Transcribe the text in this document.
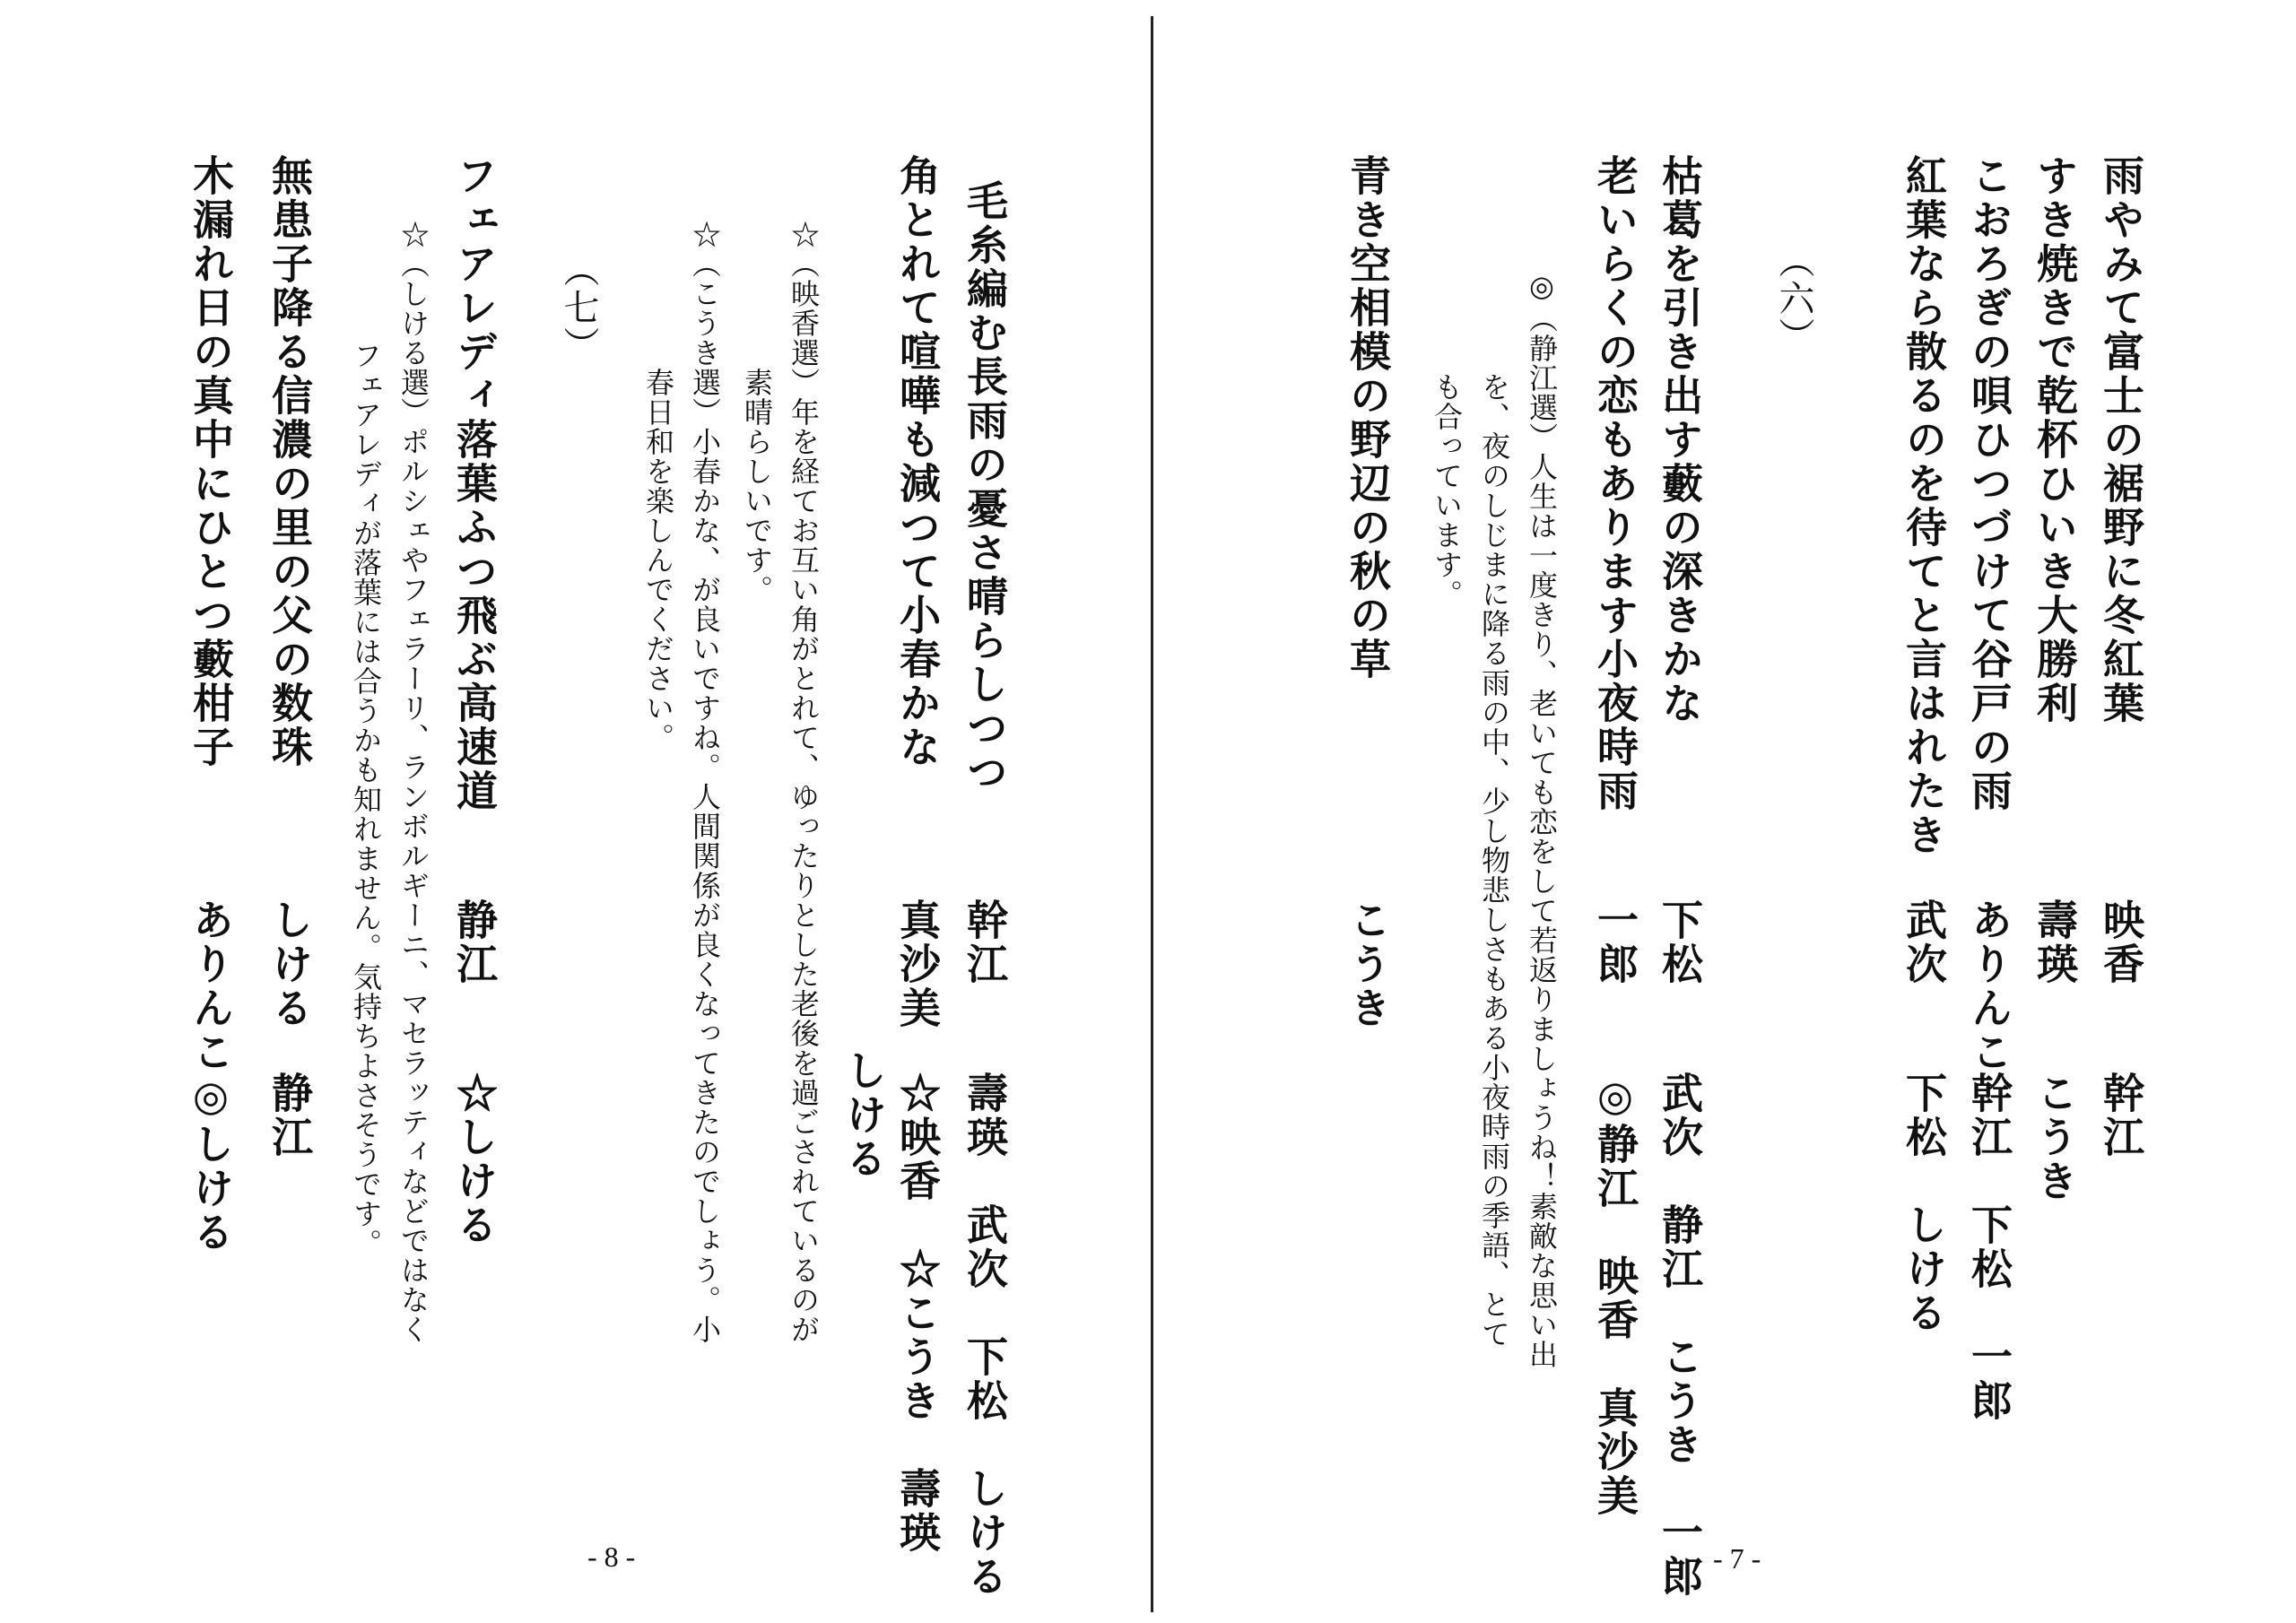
雨やみて富士の裾野に冬紅葉
映香
幹江
すき焼きで乾杯ひいき大勝利
壽瑛
こうき
こおろぎの唄ひつづけて谷戸の雨
ありんこ
幹江　下松　一郎
紅葉なら散るのを待てと言はれたき
武次
下松　しける
（六）
枯葛を引き出す藪の深きかな
下松
武次　静江　こうき　一郎
老いらくの恋もあります小夜時雨
一郎
◎静江　映香　真沙美
◎（静江選）人生は一度きり、老いても恋をして若返りましょうね！素敵な思い出
を、夜のしじまに降る雨の中、少し物悲しさもある小夜時雨の季語、とて
も合っています。
青き空相模の野辺の秋の草
こうき
- 7 -
毛糸編む長雨の憂さ晴らしつつ
幹江
壽瑛　武次　下松　しける
角とれて喧嘩も減つて小春かな
真沙美
☆映香　☆こうき　壽瑛
しける
☆（映香選）年を経てお互い角がとれて、ゆったりとした老後を過ごされているのが
素晴らしいです。
☆（こうき選）小春かな、が良いですね。人間関係が良くなってきたのでしょう。小
春日和を楽しんでください。
（七）
フェアレディ落葉ふつ飛ぶ高速道
静江
☆しける
☆（しける選）ポルシェやフェラーリ、ランボルギーニ、マセラッティなどではなく
フェアレディが落葉には合うかも知れません。気持ちよさそうです。
無患子降る信濃の里の父の数珠
しける
静江
木漏れ日の真中にひとつ藪柑子
ありんこ
◎しける
- 8 -
